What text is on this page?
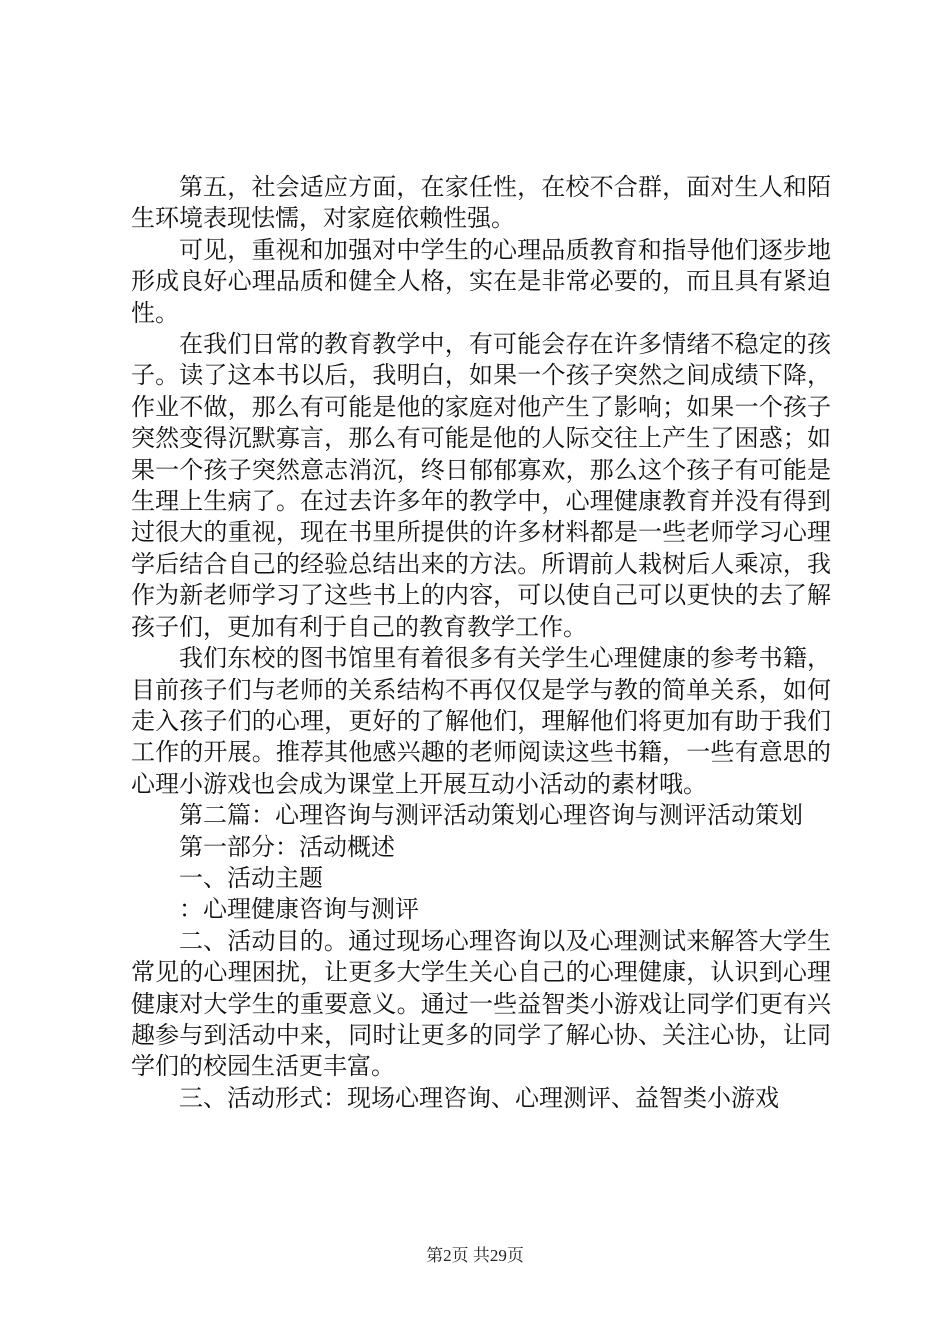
第五，社会适应方面，在家任性，在校不合群，面对生人和陌生环境表现怯懦，对家庭依赖性强。

可见，重视和加强对中学生的心理品质教育和指导他们逐步地形成良好心理品质和健全人格，实在是非常必要的，而且具有紧迫性。

在我们日常的教育教学中，有可能会存在许多情绪不稳定的孩子。读了这本书以后，我明白，如果一个孩子突然之间成绩下降，作业不做，那么有可能是他的家庭对他产生了影响；如果一个孩子突然变得沉默寡言，那么有可能是他的人际交往上产生了困惑；如果一个孩子突然意志消沉，终日郁郁寡欢，那么这个孩子有可能是生理上生病了。在过去许多年的教学中，心理健康教育并没有得到过很大的重视，现在书里所提供的许多材料都是一些老师学习心理学后结合自己的经验总结出来的方法。所谓前人栽树后人乘凉，我作为新老师学习了这些书上的内容，可以使自己可以更快的去了解孩子们，更加有利于自己的教育教学工作。

我们东校的图书馆里有着很多有关学生心理健康的参考书籍，目前孩子们与老师的关系结构不再仅仅是学与教的简单关系，如何走入孩子们的心理，更好的了解他们，理解他们将更加有助于我们工作的开展。推荐其他感兴趣的老师阅读这些书籍，一些有意思的心理小游戏也会成为课堂上开展互动小活动的素材哦。

第二篇：心理咨询与测评活动策划心理咨询与测评活动策划

第一部分：活动概述

一、活动主题

：心理健康咨询与测评

二、活动目的。通过现场心理咨询以及心理测试来解答大学生常见的心理困扰，让更多大学生关心自己的心理健康，认识到心理健康对大学生的重要意义。通过一些益智类小游戏让同学们更有兴趣参与到活动中来，同时让更多的同学了解心协、关注心协，让同学们的校园生活更丰富。

三、活动形式：现场心理咨询、心理测评、益智类小游戏

第2页 共29页
